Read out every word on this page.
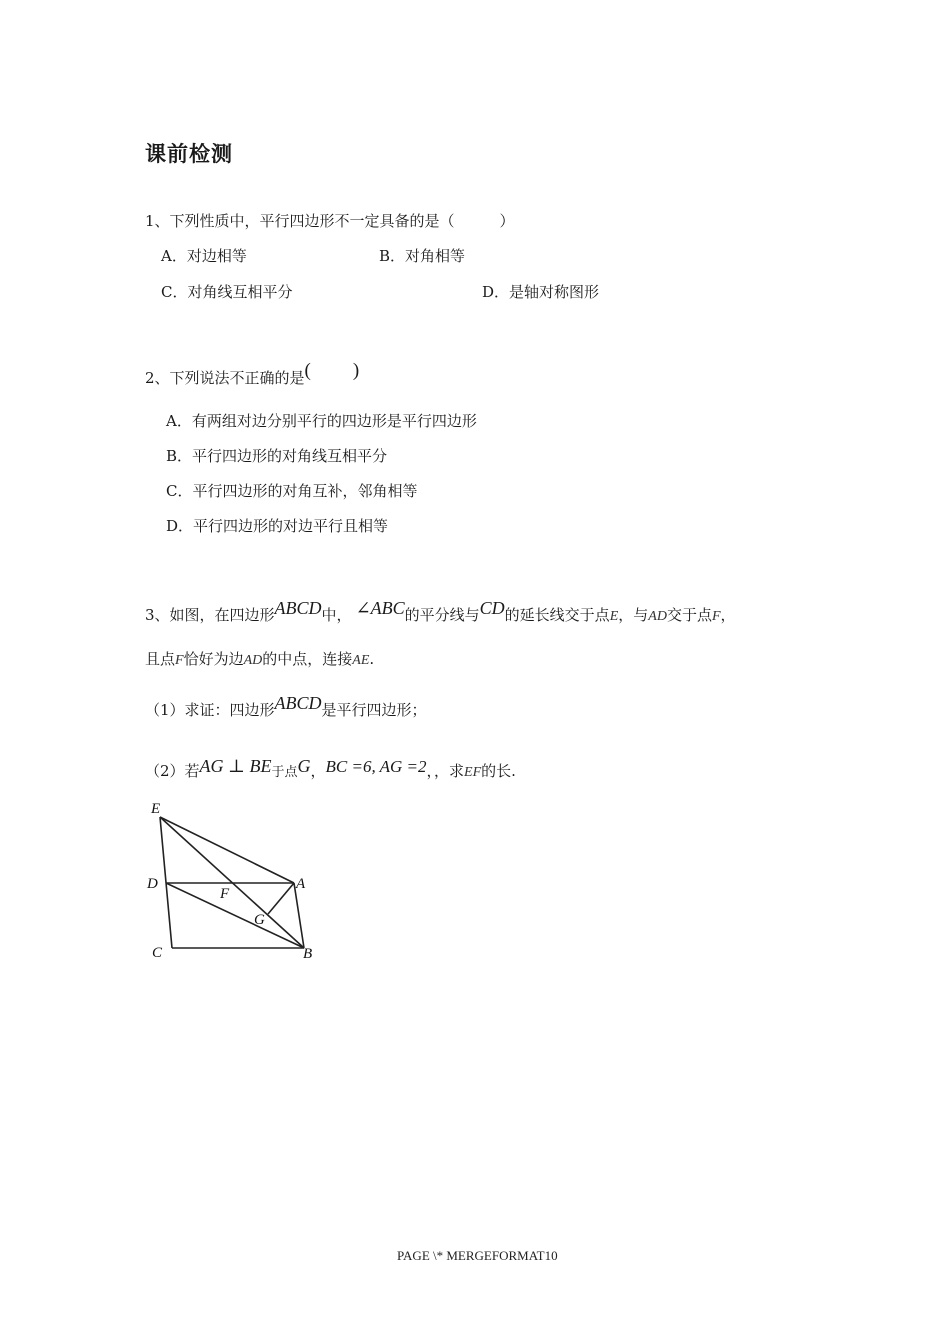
课前检测
1、下列性质中，平行四边形不一定具备的是（　　　）
A．对边相等	B．对角相等
C．对角线互相平分	D．是轴对称图形
2、下列说法不正确的是( )
A．有两组对边分别平行的四边形是平行四边形
B．平行四边形的对角线互相平分
C．平行四边形的对角互补，邻角相等
D．平行四边形的对边平行且相等
3、如图，在四边形ABCD中， ∠ABC的平分线与CD的延长线交于点E，与AD交于点F，
且点F恰好为边AD的中点，连接AE.
（1）求证：四边形ABCD是平行四边形；
（2）若AG ⊥ BE于点G，BC =6, AG =2，，求EF的长.
E
D	A
F
G
C	B
PAGE \* MERGEFORMAT10
